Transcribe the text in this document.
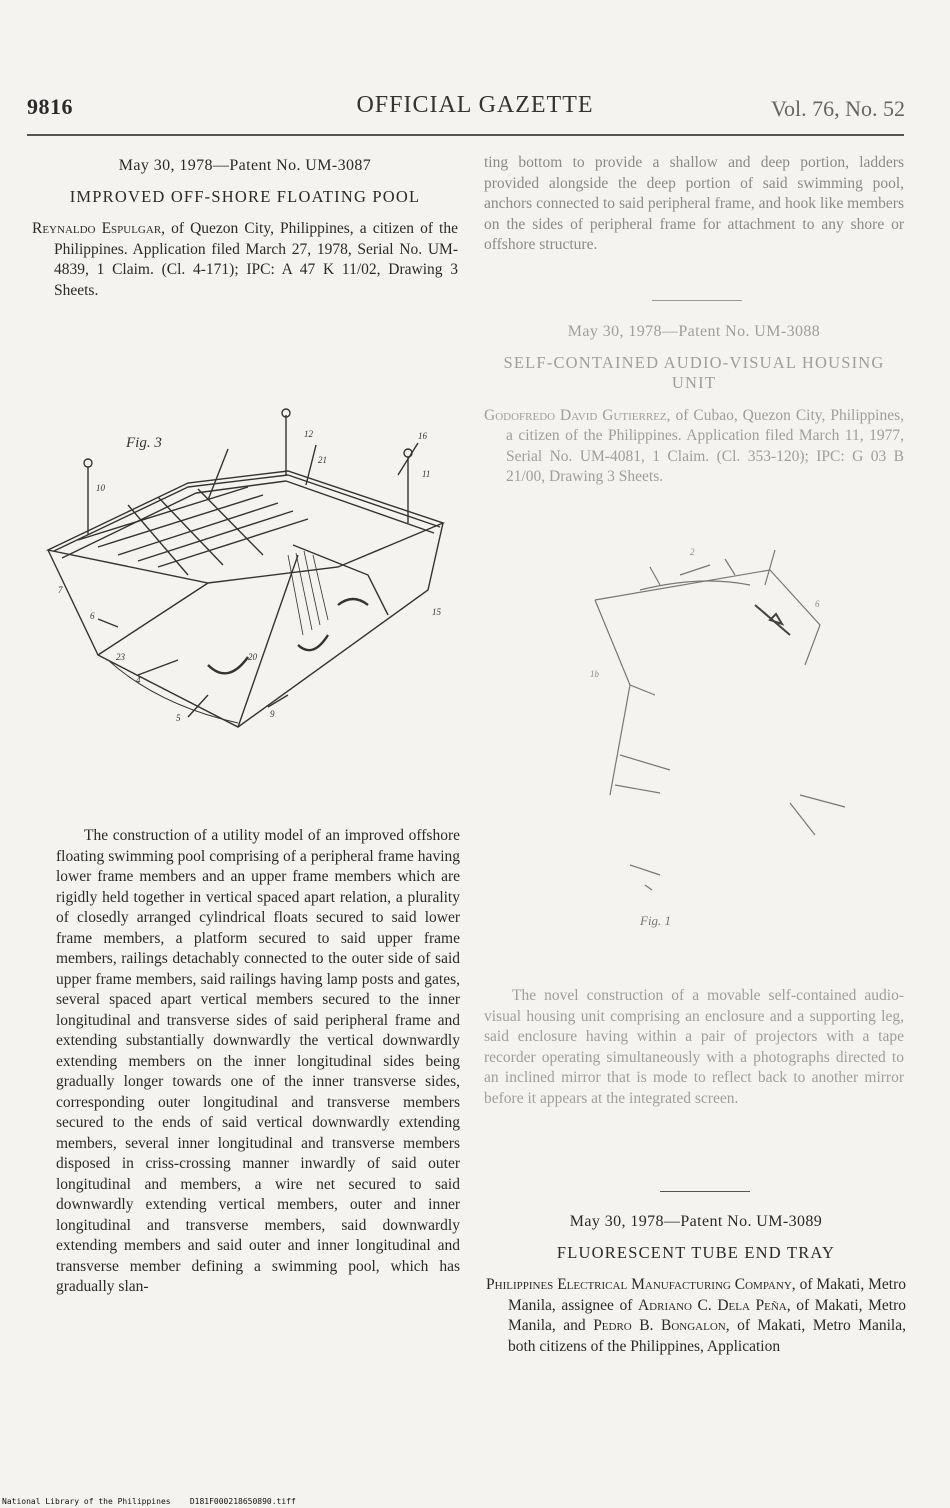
9816	OFFICIAL GAZETTE	Vol. 76, No. 52
May 30, 1978—Patent No. UM-3087
IMPROVED OFF-SHORE FLOATING POOL
Reynaldo Espulgar, of Quezon City, Philippines, a citizen of the Philippines. Application filed March 27, 1978, Serial No. UM-4839, 1 Claim. (Cl. 4-171); IPC: A 47 K 11/02, Drawing 3 Sheets.
Fig. 3
12	16
11
10
7
6
23
4
5	9
20
21
15
The construction of a utility model of an improved offshore floating swimming pool comprising of a peripheral frame having lower frame members and an upper frame members which are rigidly held together in vertical spaced apart relation, a plurality of closedly arranged cylindrical floats secured to said lower frame members, a platform secured to said upper frame members, railings detachably connected to the outer side of said upper frame members, said railings having lamp posts and gates, several spaced apart vertical members secured to the inner longitudinal and transverse sides of said peripheral frame and extending substantially downwardly the vertical downwardly extending members on the inner longitudinal sides being gradually longer towards one of the inner transverse sides, corresponding outer longitudinal and transverse members secured to the ends of said vertical downwardly extending members, several inner longitudinal and transverse members disposed in criss-crossing manner inwardly of said outer longitudinal and members, a wire net secured to said downwardly extending vertical members, outer and inner longitudinal and transverse members, said downwardly extending members and said outer and inner longitudinal and transverse member defining a swimming pool, which has gradually slan-
ting bottom to provide a shallow and deep portion, ladders provided alongside the deep portion of said swimming pool, anchors connected to said peripheral frame, and hook like members on the sides of peripheral frame for attachment to any shore or offshore structure.
May 30, 1978—Patent No. UM-3088
SELF-CONTAINED AUDIO-VISUAL HOUSING UNIT
Godofredo David Gutierrez, of Cubao, Quezon City, Philippines, a citizen of the Philippines. Application filed March 11, 1977, Serial No. UM-4081, 1 Claim. (Cl. 353-120); IPC: G 03 B 21/00, Drawing 3 Sheets.
1b
2
6
Fig. 1
The novel construction of a movable self-contained audio-visual housing unit comprising an enclosure and a supporting leg, said enclosure having within a pair of projectors with a tape recorder operating simultaneously with a photographs directed to an inclined mirror that is mode to reflect back to another mirror before it appears at the integrated screen.
May 30, 1978—Patent No. UM-3089
FLUORESCENT TUBE END TRAY
Philippines Electrical Manufacturing Company, of Makati, Metro Manila, assignee of Adriano C. Dela Peña, of Makati, Metro Manila, and Pedro B. Bongalon, of Makati, Metro Manila, both citizens of the Philippines, Application
National Library of the Philippines D181F000218650890.tiff
